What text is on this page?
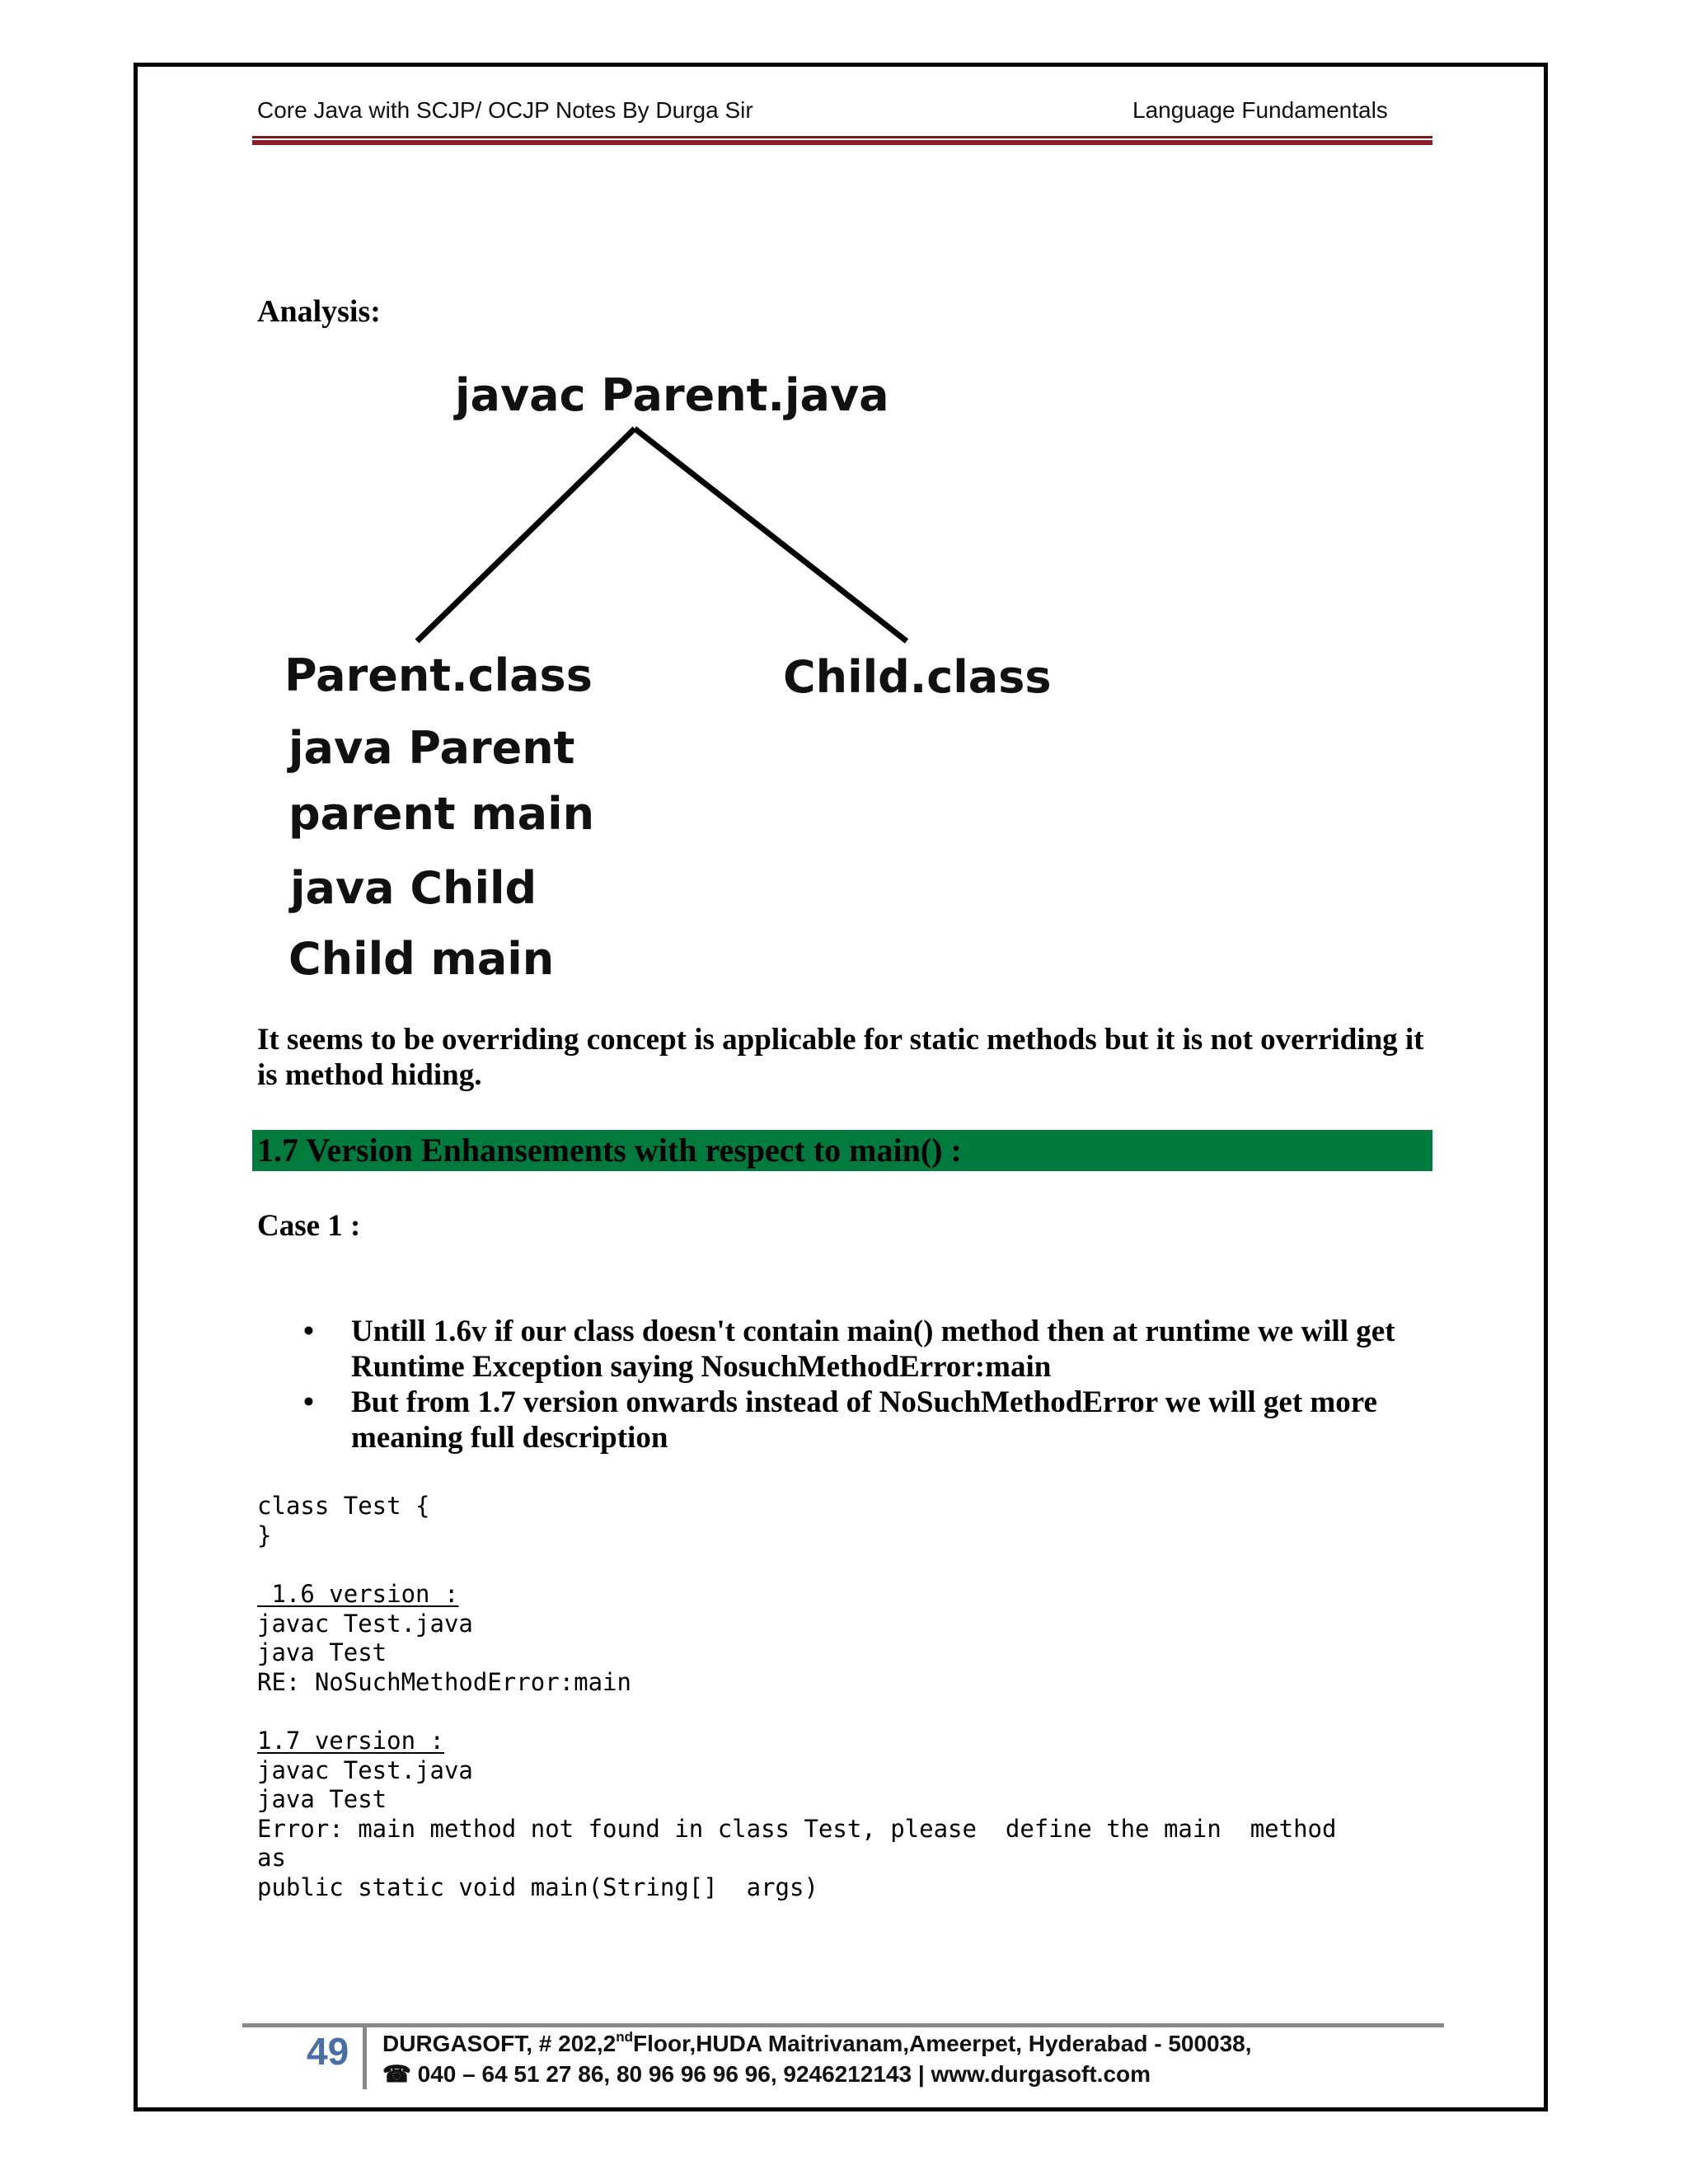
Core Java with SCJP/ OCJP Notes By Durga Sir	Language Fundamentals
Analysis:
javac Parent.java
Parent.class	Child.class
java Parent
parent main
java Child
Child main
It seems to be overriding concept is applicable for static methods but it is not overriding it is method hiding.
1.7 Version Enhansements with respect to main() :
Case 1 :
• Untill 1.6v if our class doesn't contain main() method then at runtime we will get Runtime Exception saying NosuchMethodError:main
• But from 1.7 version onwards instead of NoSuchMethodError we will get more meaning full description
class Test {
}
1.6 version :
javac Test.java
java Test
RE: NoSuchMethodError:main
1.7 version :
javac Test.java
java Test
Error: main method not found in class Test, please  define the main  method
as
public static void main(String[]  args)
49 DURGASOFT, # 202,2ndFloor,HUDA Maitrivanam,Ameerpet, Hyderabad - 500038,
☎ 040 – 64 51 27 86, 80 96 96 96 96, 9246212143 | www.durgasoft.com
